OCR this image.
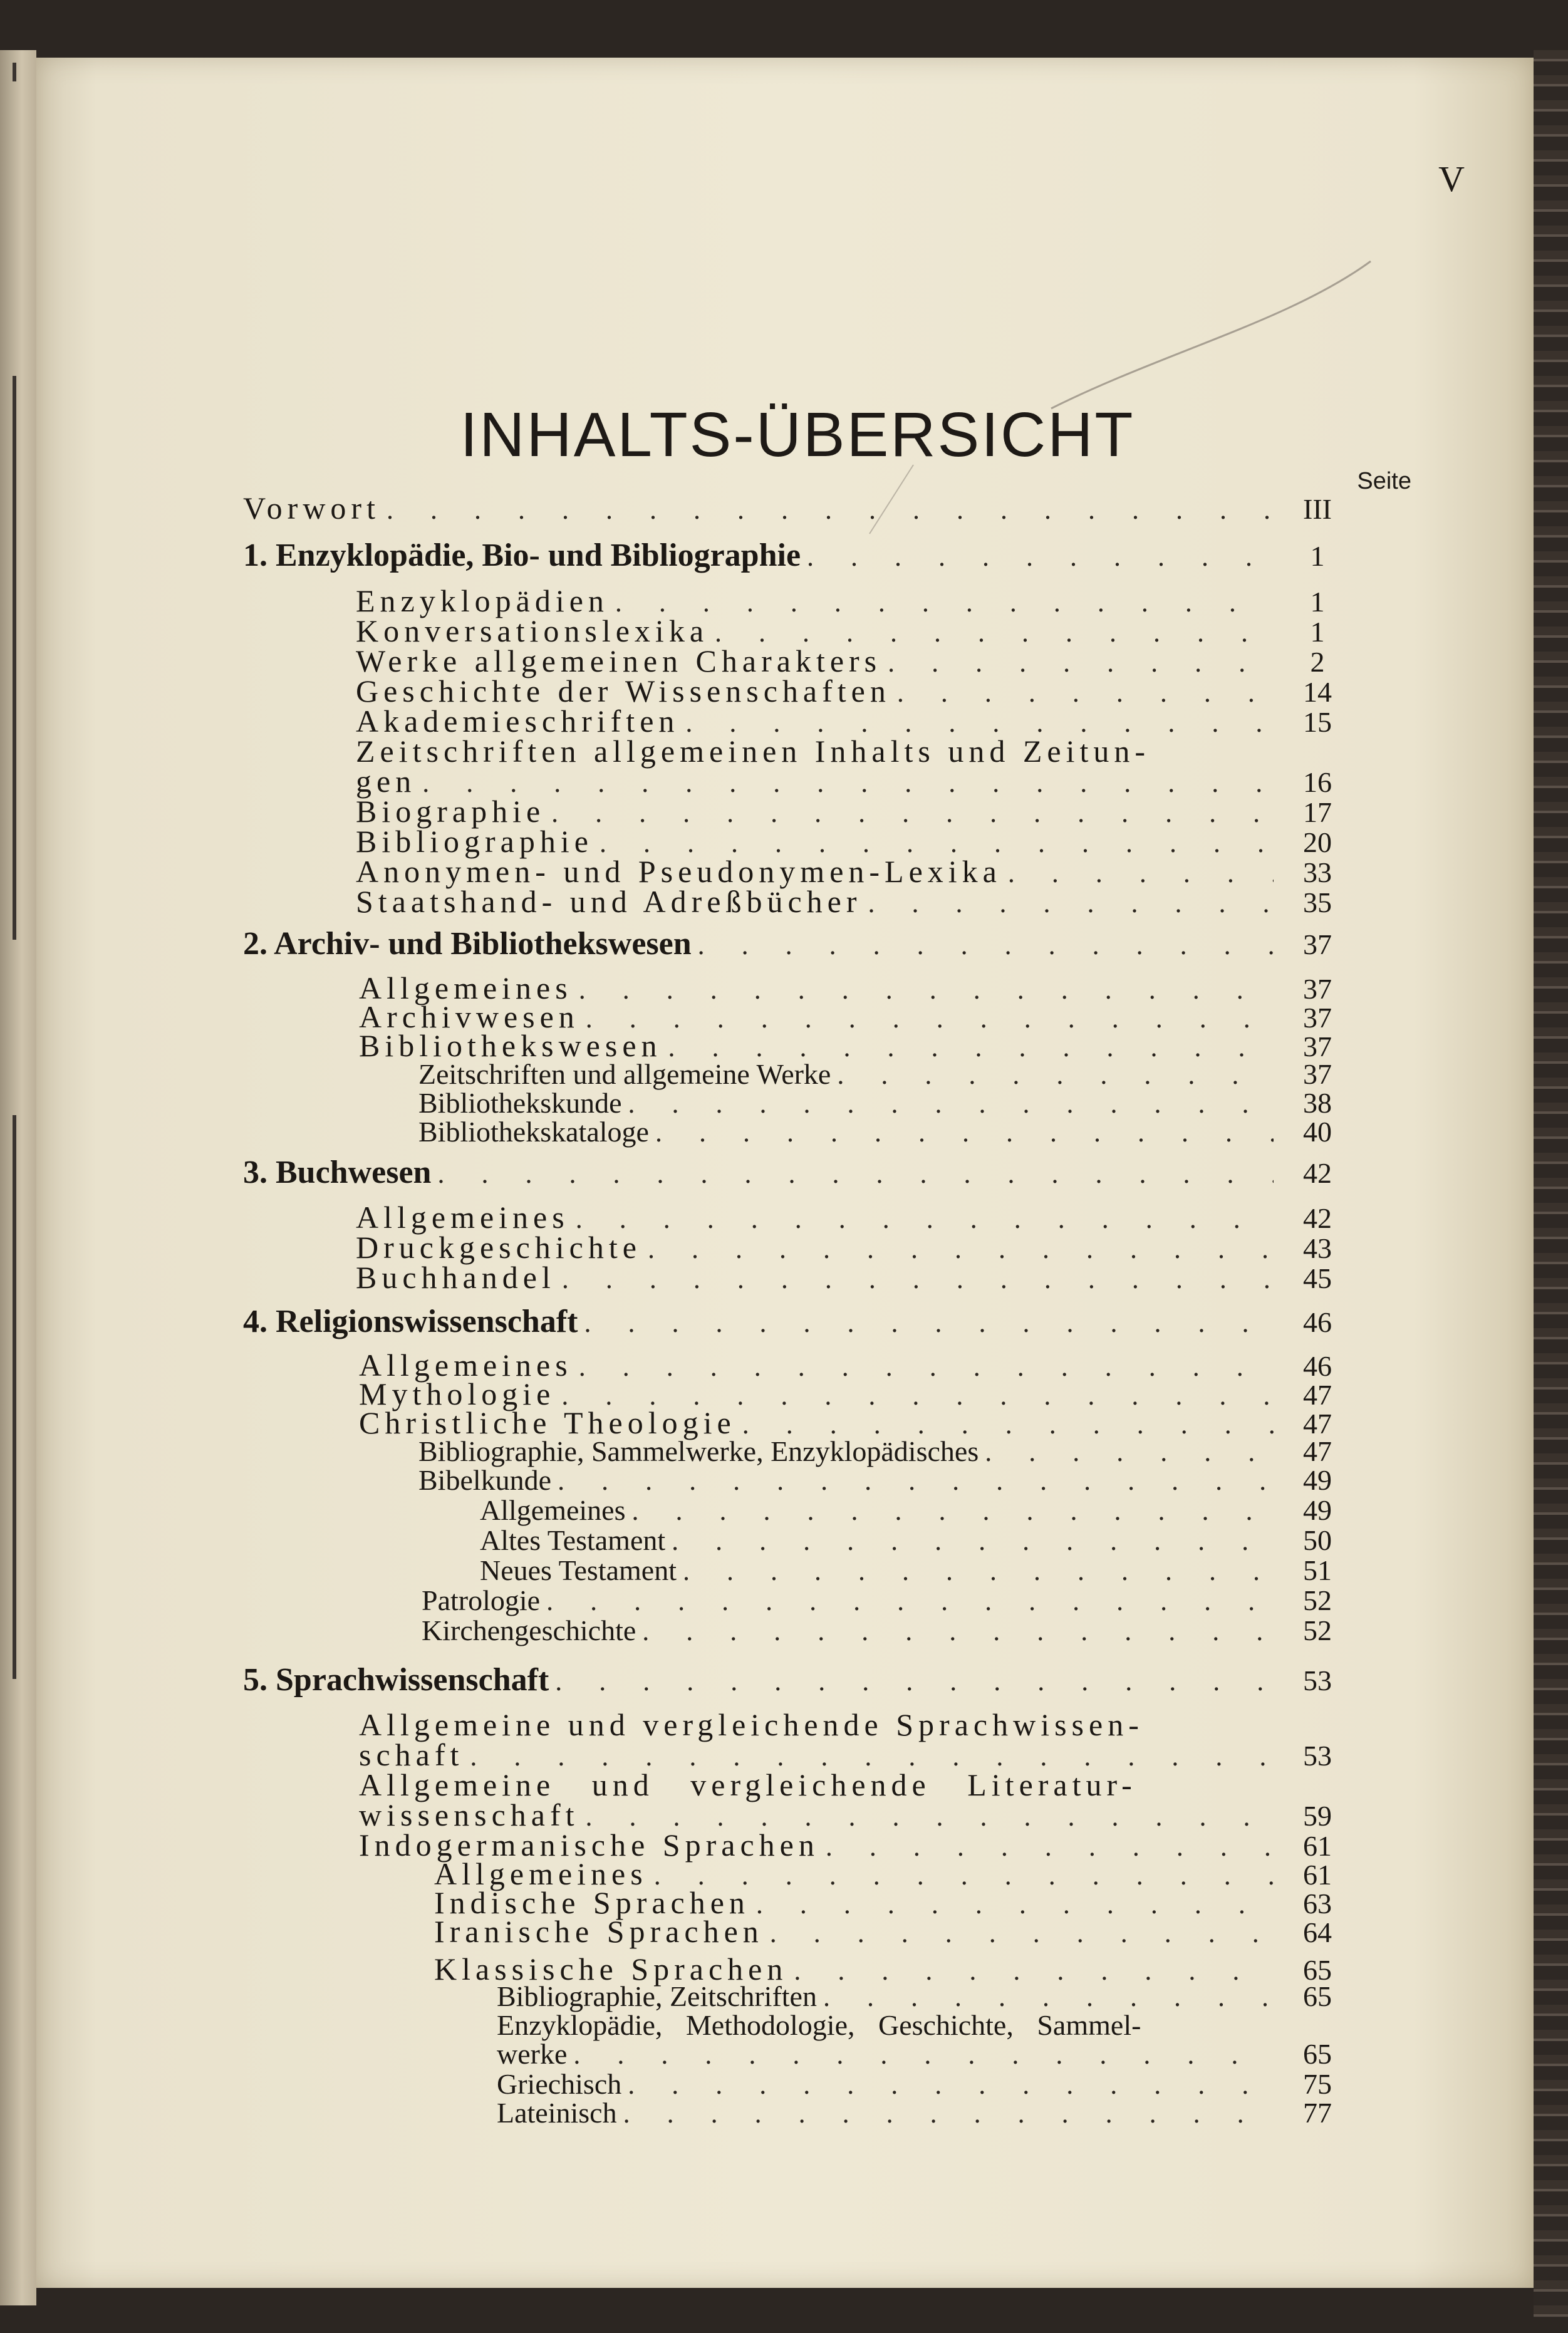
V
INHALTS-ÜBERSICHT
Seite
Vorwort . . .	III
1. Enzyklopädie, Bio- und Bibliographie . . .	1
Enzyklopädien . . .	1
Konversationslexika . . .	1
Werke allgemeinen Charakters . . .	2
Geschichte der Wissenschaften . . .	14
Akademieschriften . . .	15
Zeitschriften allgemeinen Inhalts und Zeitun-
gen . . .	16
Biographie . . .	17
Bibliographie . . .	20
Anonymen- und Pseudonymen-Lexika . . .	33
Staatshand- und Adreßbücher . . .	35
2. Archiv- und Bibliothekswesen . . .	37
Allgemeines . . .	37
Archivwesen . . .	37
Bibliothekswesen . . .	37
Zeitschriften und allgemeine Werke . . .	37
Bibliothekskunde . . .	38
Bibliothekskataloge . . .	40
3. Buchwesen . . .	42
Allgemeines . . .	42
Druckgeschichte . . .	43
Buchhandel . . .	45
4. Religionswissenschaft . . .	46
Allgemeines . . .	46
Mythologie . . .	47
Christliche Theologie . . .	47
Bibliographie, Sammelwerke, Enzyklopädisches . . .	47
Bibelkunde . . .	49
Allgemeines . . .	49
Altes Testament . . .	50
Neues Testament . . .	51
Patrologie . . .	52
Kirchengeschichte . . .	52
5. Sprachwissenschaft . . .	53
Allgemeine und vergleichende Sprachwissen-
schaft . . .	53
Allgemeine und vergleichende Literatur-
wissenschaft . . .	59
Indogermanische Sprachen . . .	61
Allgemeines . . .	61
Indische Sprachen . . .	63
Iranische Sprachen . . .	64
Klassische Sprachen . . .	65
Bibliographie, Zeitschriften . . .	65
Enzyklopädie, Methodologie, Geschichte, Sammel-
werke . . .	65
Griechisch . . .	75
Lateinisch . . .	77
